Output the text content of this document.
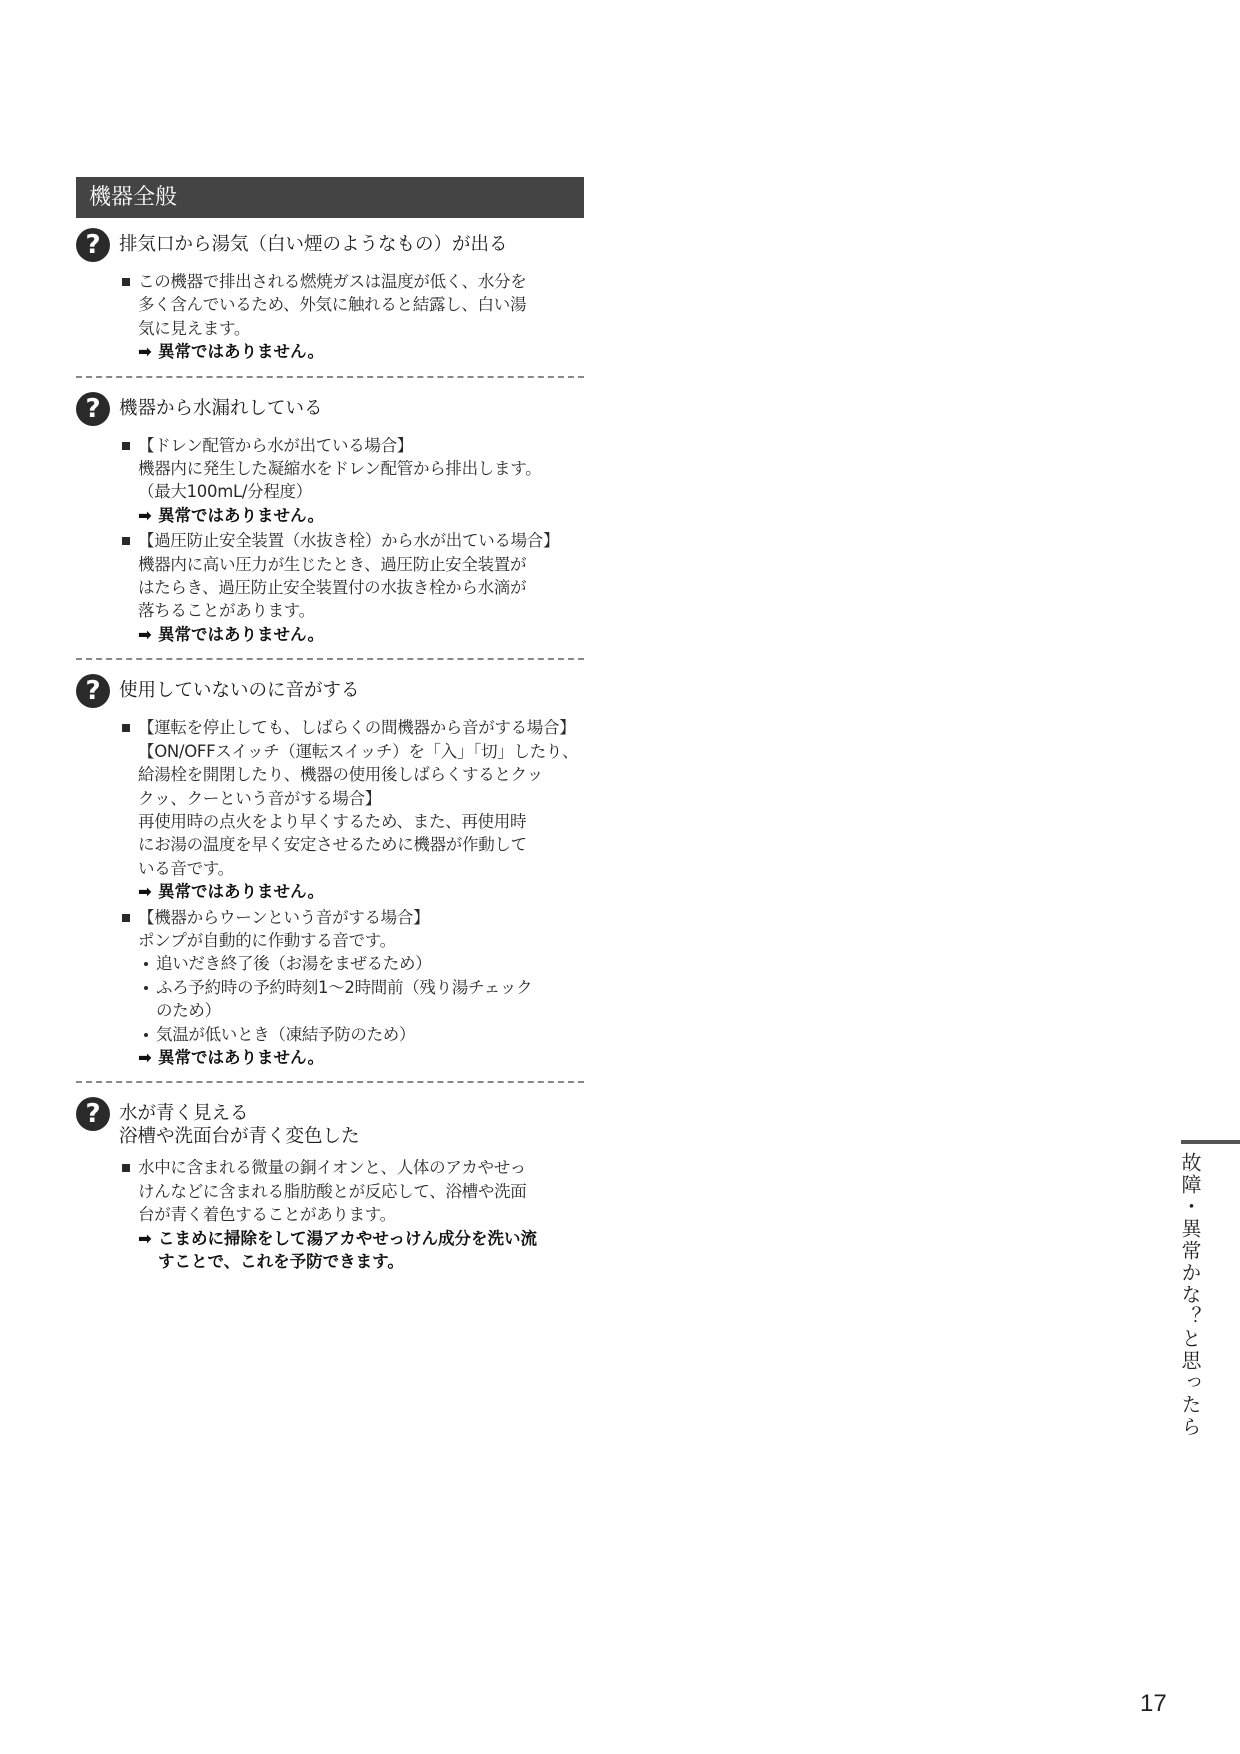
機器全般
? 排気口から湯気（白い煙のようなもの）が出る
この機器で排出される燃焼ガスは温度が低く、水分を
多く含んでいるため、外気に触れると結露し、白い湯
気に見えます。
➡ 異常ではありません。
? 機器から水漏れしている
【ドレン配管から水が出ている場合】
機器内に発生した凝縮水をドレン配管から排出します。
（最大100mL/分程度）
➡ 異常ではありません。
【過圧防止安全装置（水抜き栓）から水が出ている場合】
機器内に高い圧力が生じたとき、過圧防止安全装置が
はたらき、過圧防止安全装置付の水抜き栓から水滴が
落ちることがあります。
➡ 異常ではありません。
? 使用していないのに音がする
【運転を停止しても、しばらくの間機器から音がする場合】
【ON/OFFスイッチ（運転スイッチ）を「入」「切」したり、
給湯栓を開閉したり、機器の使用後しばらくするとクッ
クッ、クーという音がする場合】
再使用時の点火をより早くするため、また、再使用時
にお湯の温度を早く安定させるために機器が作動して
いる音です。
➡ 異常ではありません。
【機器からウーンという音がする場合】
ポンプが自動的に作動する音です。
追いだき終了後（お湯をまぜるため）
ふろ予約時の予約時刻1〜2時間前（残り湯チェック
のため）
気温が低いとき（凍結予防のため）
➡ 異常ではありません。
? 水が青く見える
浴槽や洗面台が青く変色した
水中に含まれる微量の銅イオンと、人体のアカやせっ
けんなどに含まれる脂肪酸とが反応して、浴槽や洗面
台が青く着色することがあります。
➡ こまめに掃除をして湯アカやせっけん成分を洗い流
すことで、これを予防できます。	故障・異常かな？と思ったら
17
